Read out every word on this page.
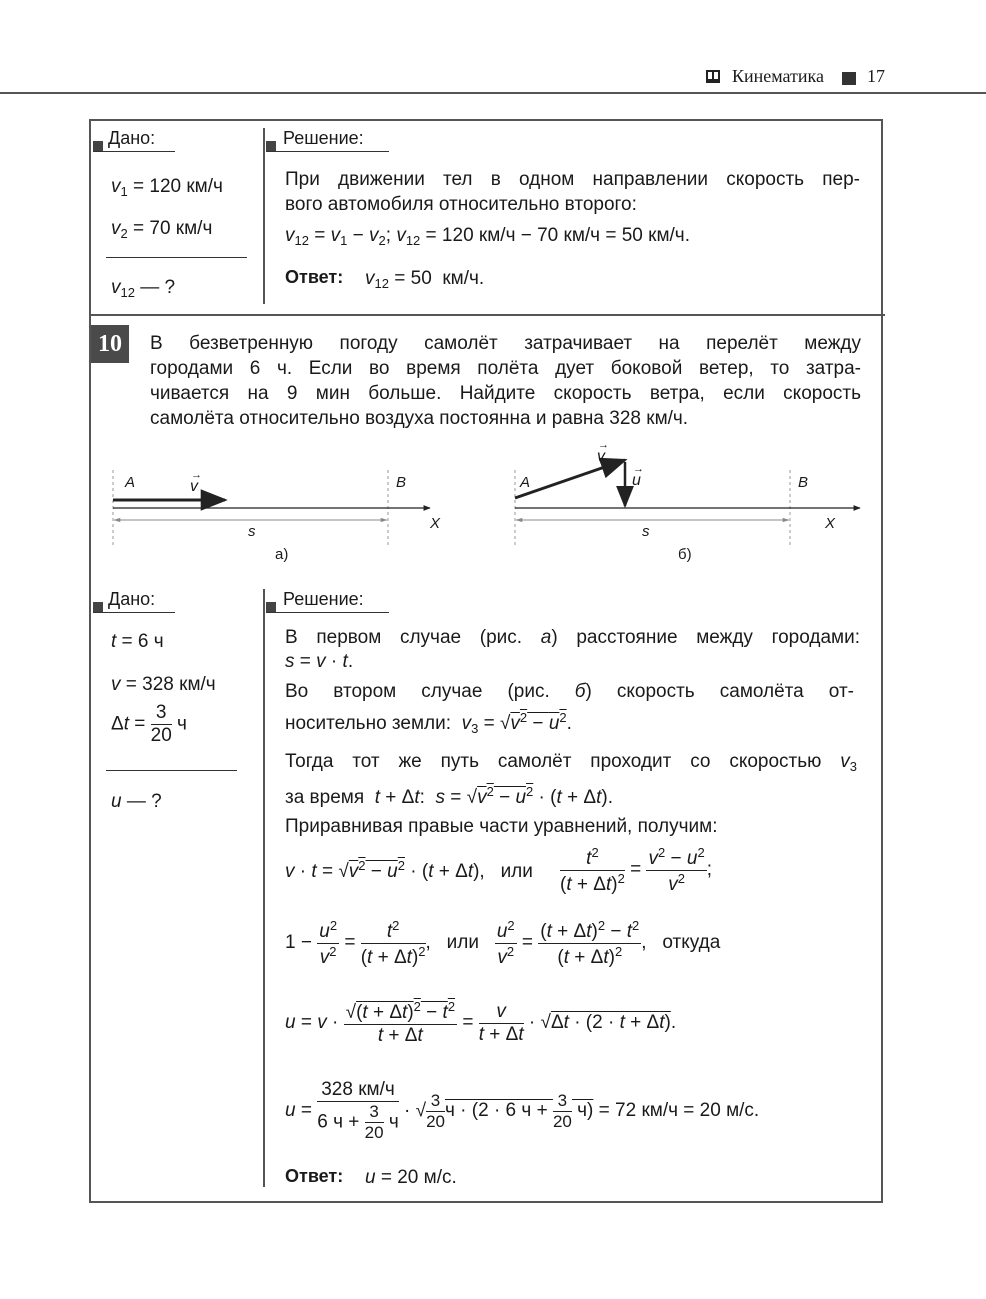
Кинематика 17
Дано:	Решение:
$v_1 = 120$ км/ч
$v_2 = 70$ км/ч
$v_{12}$ — ?
При движении тел в одном направлении скорость пер-
вого автомобиля относительно второго:
$v_{12} = v_1 - v_2$; $v_{12} = 120$ км/ч − 70 км/ч = 50 км/ч.
Ответ: $v_{12} = 50$  км/ч.
10	В безветренную погоду самолёт затрачивает на перелёт между
городами 6 ч. Если во время полёта дует боковой ветер, то затра-
чивается на 9 мин больше. Найдите скорость ветра, если скорость
самолёта относительно воздуха постоянна и равна 328 км/ч.
A	→
v	B
X
s
а)
A
→
v
→
u	B
X
s
б)
Дано:	Решение:
t = 6 ч
v = 328 км/ч
$\Delta t = \frac{3}{20}$ ч
u — ?
В первом случае (рис. а) расстояние между городами:
s = v · t.
Во втором случае (рис. б) скорость самолёта от-
носительно земли:  $v_3 = √v^2 - u^2$.
Тогда тот же путь самолёт проходит со скоростью $v_3$
за время  t + Δt:  $s = √v^2 - u^2 \cdot (t + \Delta t)$.
Приравнивая правые части уравнений, получим:
$v \cdot t = √v^2 - u^2 \cdot (t + \Delta t)$,   или	$\frac{t^2}{(t + \Delta t)^2} = \frac{v^2 - u^2}{v^2}$ ;
$1 - \frac{u^2}{v^2} = \frac{t^2}{(t + \Delta t)^2}$ ,   или $\frac{u^2}{v^2} = \frac{(t + \Delta t)^2 - t^2}{(t + \Delta t)^2}$ ,   откуда
$u = v \cdot \frac{√(t + \Delta t)^2 - t^2}{t + \Delta t} = \frac{v}{t + \Delta t} \cdot √\Delta t \cdot (2 \cdot t + \Delta t)$.
$u = \frac{328 км/ч}{6 ч + \frac{3}{20} ч}$ · √ $\frac{3}{20}$ ч · (2 · 6 $ч + \frac{3}{20} ч) = 72$ км/ч = 20 м/с.
Ответ: u = 20 м/с.
